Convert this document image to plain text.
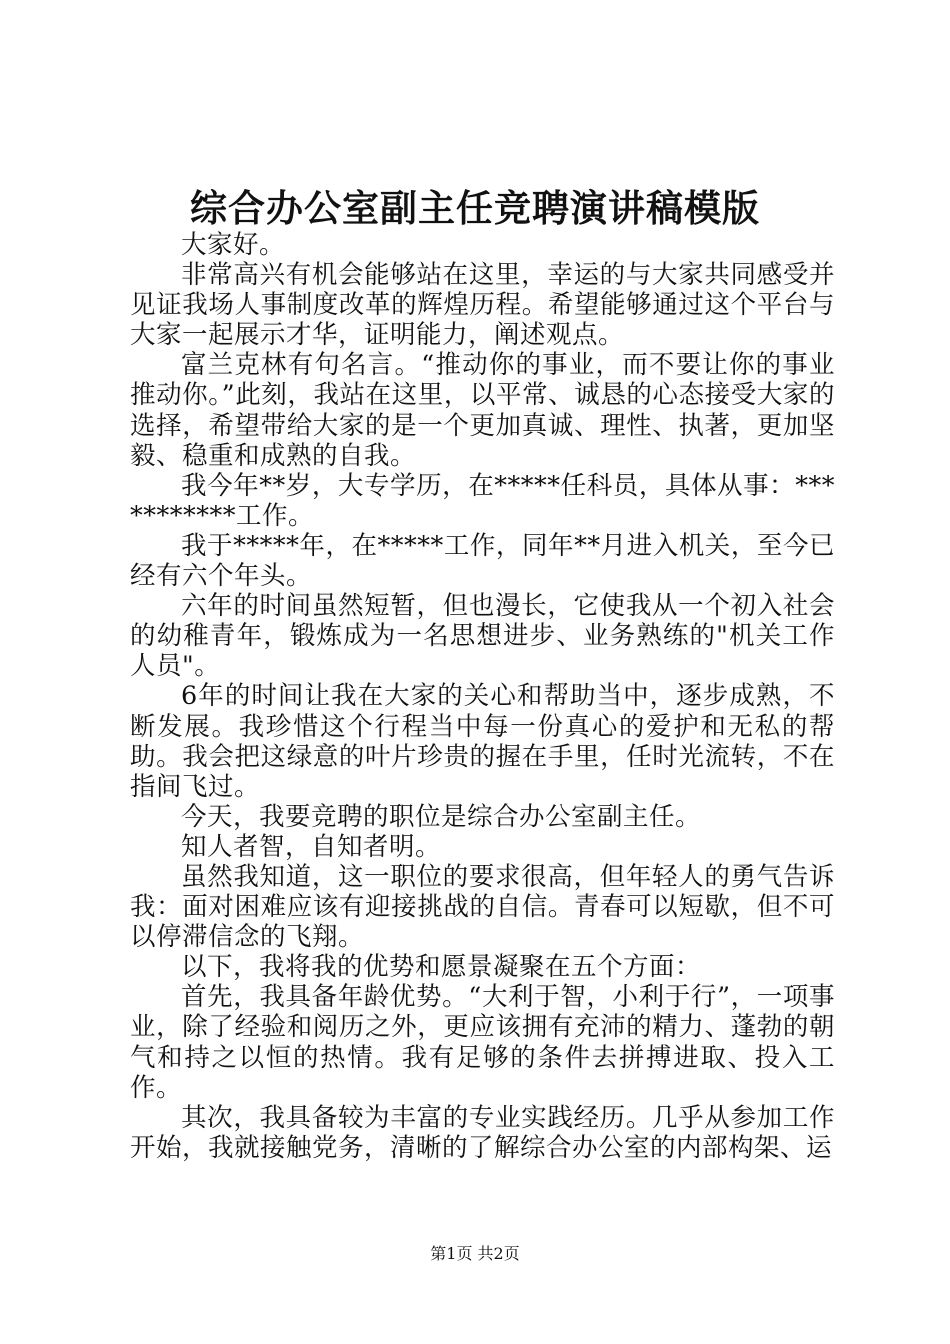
综合办公室副主任竞聘演讲稿模版

大家好。

非常高兴有机会能够站在这里，幸运的与大家共同感受并见证我场人事制度改革的辉煌历程。希望能够通过这个平台与大家一起展示才华，证明能力，阐述观点。

富兰克林有句名言。“推动你的事业，而不要让你的事业推动你。”此刻，我站在这里，以平常、诚恳的心态接受大家的选择，希望带给大家的是一个更加真诚、理性、执著，更加坚毅、稳重和成熟的自我。

我今年**岁，大专学历，在*****任科员，具体从事：***********工作。

我于*****年，在*****工作，同年**月进入机关，至今已经有六个年头。

六年的时间虽然短暂，但也漫长，它使我从一个初入社会的幼稚青年，锻炼成为一名思想进步、业务熟练的"机关工作人员"。

6年的时间让我在大家的关心和帮助当中，逐步成熟，不断发展。我珍惜这个行程当中每一份真心的爱护和无私的帮助。我会把这绿意的叶片珍贵的握在手里，任时光流转，不在指间飞过。

今天，我要竞聘的职位是综合办公室副主任。

知人者智，自知者明。

虽然我知道，这一职位的要求很高，但年轻人的勇气告诉我：面对困难应该有迎接挑战的自信。青春可以短歇，但不可以停滞信念的飞翔。

以下，我将我的优势和愿景凝聚在五个方面：

首先，我具备年龄优势。“大利于智，小利于行”，一项事业，除了经验和阅历之外，更应该拥有充沛的精力、蓬勃的朝气和持之以恒的热情。我有足够的条件去拼搏进取、投入工作。

其次，我具备较为丰富的专业实践经历。几乎从参加工作开始，我就接触党务，清晰的了解综合办公室的内部构架、运

第1页 共2页
